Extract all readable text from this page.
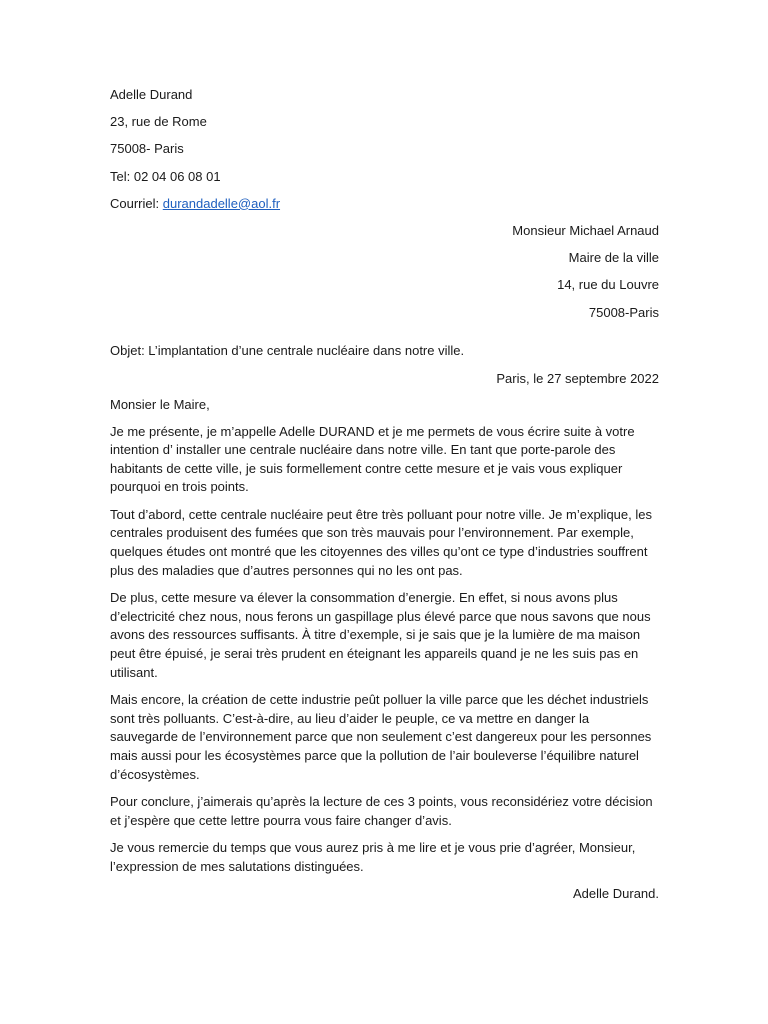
Adelle Durand
23, rue de Rome
75008- Paris
Tel: 02 04 06 08 01
Courriel: durandadelle@aol.fr
Monsieur Michael Arnaud
Maire de la ville
14, rue du Louvre
75008-Paris
Objet: L’implantation d’une centrale nucléaire dans notre ville.
Paris, le 27 septembre 2022
Monsier le Maire,
Je me présente, je m’appelle Adelle DURAND et je me permets de vous écrire suite à votre intention d’ installer une centrale nucléaire dans notre ville. En tant que porte-parole des habitants de cette ville, je suis formellement contre cette mesure et je vais vous expliquer pourquoi en trois points.
Tout d’abord, cette centrale nucléaire peut être très polluant pour notre ville. Je m’explique, les centrales produisent des fumées que son très mauvais pour l’environnement. Par exemple, quelques études ont montré que les citoyennes des villes qu’ont ce type d’industries souffrent plus des maladies que d’autres personnes qui no les ont pas.
De plus, cette mesure va élever la consommation d’energie. En effet, si nous avons plus d’electricité chez nous, nous ferons un gaspillage plus élevé parce que nous savons que nous avons des ressources suffisants. À titre d’exemple, si je sais que je la lumière de ma maison peut être épuisé, je serai très prudent en éteignant les appareils quand je ne les suis pas en utilisant.
Mais encore, la création de cette industrie peût polluer la ville parce que les déchet industriels sont très polluants. C’est-à-dire, au lieu d’aider le peuple, ce va mettre en danger la sauvegarde de l’environnement parce que non seulement c’est dangereux pour les personnes mais aussi pour les écosystèmes parce que la pollution de l’air bouleverse l’équilibre naturel d’écosystèmes.
Pour conclure, j’aimerais qu’après la lecture de ces 3 points, vous reconsidériez votre décision et j’espère que cette lettre pourra vous faire changer d’avis.
Je vous remercie du temps que vous aurez pris à me lire et je vous prie d’agréer, Monsieur, l’expression de mes salutations distinguées.
Adelle Durand.
